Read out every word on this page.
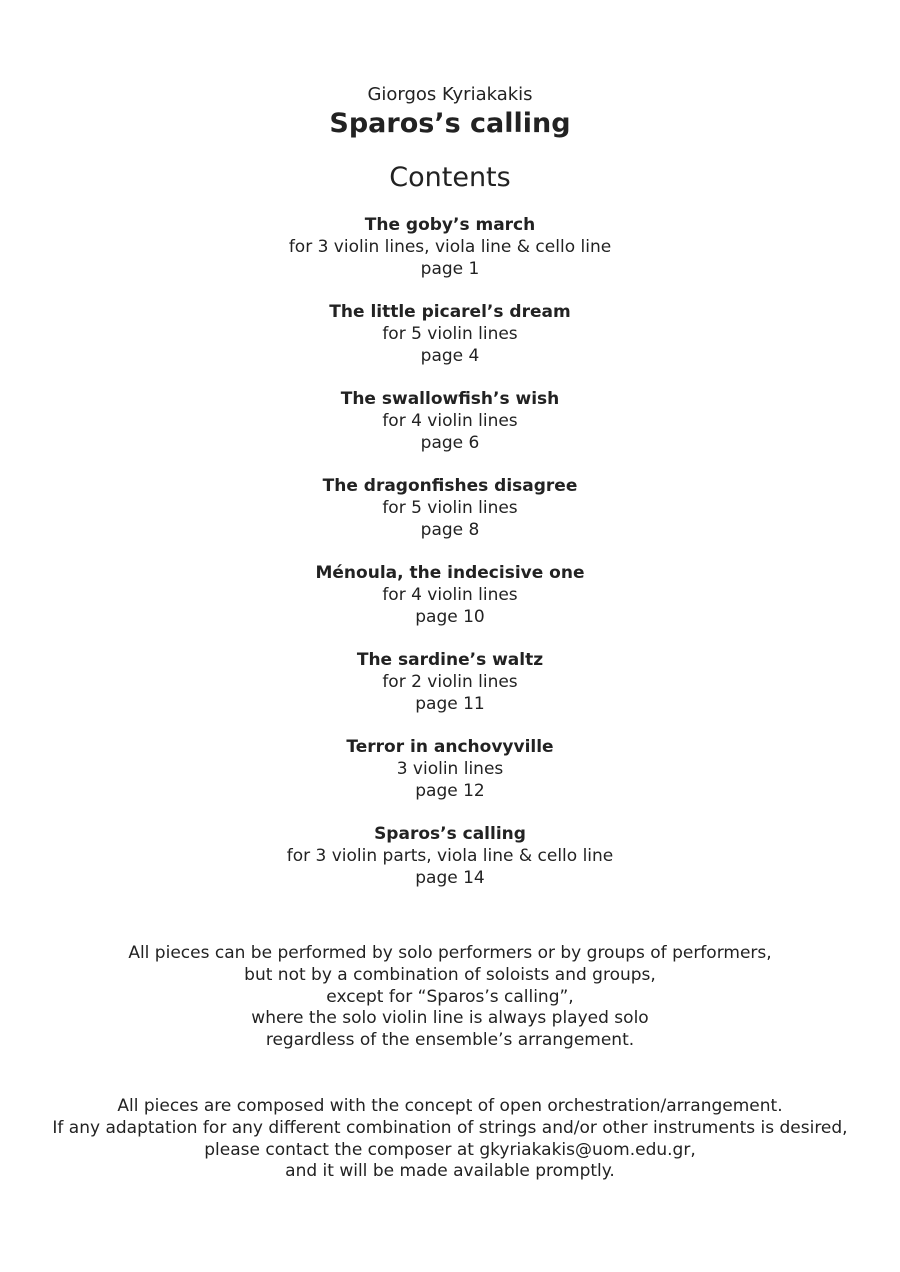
Giorgos Kyriakakis
Sparos’s calling
Contents
The goby’s march
for 3 violin lines, viola line & cello line
page 1
The little picarel’s dream
for 5 violin lines
page 4
The swallowfish’s wish
for 4 violin lines
page 6
The dragonfishes disagree
for 5 violin lines
page 8
Ménoula, the indecisive one
for 4 violin lines
page 10
The sardine’s waltz
for 2 violin lines
page 11
Terror in anchovyville
3 violin lines
page 12
Sparos’s calling
for 3 violin parts, viola line & cello line
page 14
All pieces can be performed by solo performers or by groups of performers,
but not by a combination of soloists and groups,
except for “Sparos’s calling”,
where the solo violin line is always played solo
regardless of the ensemble’s arrangement.
All pieces are composed with the concept of open orchestration/arrangement.
If any adaptation for any different combination of strings and/or other instruments is desired,
please contact the composer at gkyriakakis@uom.edu.gr,
and it will be made available promptly.
